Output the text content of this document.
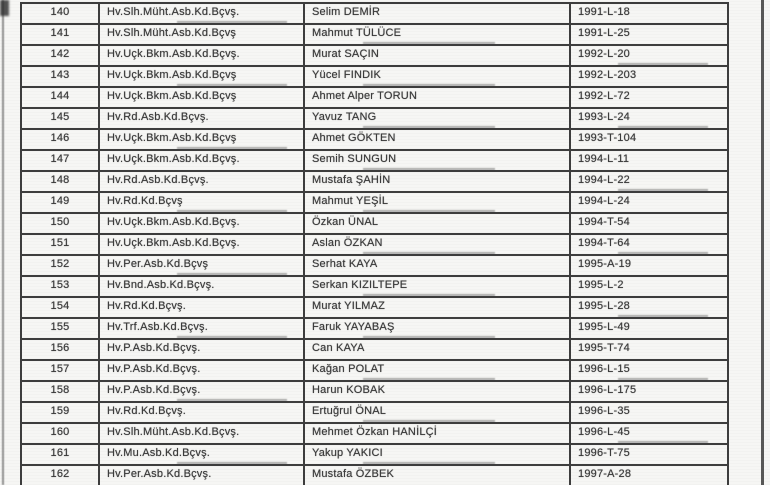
140	Hv.Slh.Müht.Asb.Kd.Bçvş.	Selim DEMİR	1991-L-18
141	Hv.Slh.Müht.Asb.Kd.Bçvş	Mahmut TÜLÜCE	1991-L-25
142	Hv.Uçk.Bkm.Asb.Kd.Bçvş.	Murat SAÇIN	1992-L-20
143	Hv.Uçk.Bkm.Asb.Kd.Bçvş	Yücel FINDIK	1992-L-203
144	Hv.Uçk.Bkm.Asb.Kd.Bçvş	Ahmet Alper TORUN	1992-L-72
145	Hv.Rd.Asb.Kd.Bçvş.	Yavuz TANG	1993-L-24
146	Hv.Uçk.Bkm.Asb.Kd.Bçvş	Ahmet GÖKTEN	1993-T-104
147	Hv.Uçk.Bkm.Asb.Kd.Bçvş.	Semih SUNGUN	1994-L-11
148	Hv.Rd.Asb.Kd.Bçvş.	Mustafa ŞAHİN	1994-L-22
149	Hv.Rd.Kd.Bçvş	Mahmut YEŞİL	1994-L-24
150	Hv.Uçk.Bkm.Asb.Kd.Bçvş.	Özkan ÜNAL	1994-T-54
151	Hv.Uçk.Bkm.Asb.Kd.Bçvş.	Aslan ÖZKAN	1994-T-64
152	Hv.Per.Asb.Kd.Bçvş	Serhat KAYA	1995-A-19
153	Hv.Bnd.Asb.Kd.Bçvş.	Serkan KIZILTEPE	1995-L-2
154	Hv.Rd.Kd.Bçvş.	Murat YILMAZ	1995-L-28
155	Hv.Trf.Asb.Kd.Bçvş.	Faruk YAYABAŞ	1995-L-49
156	Hv.P.Asb.Kd.Bçvş.	Can KAYA	1995-T-74
157	Hv.P.Asb.Kd.Bçvş.	Kağan POLAT	1996-L-15
158	Hv.P.Asb.Kd.Bçvş.	Harun KOBAK	1996-L-175
159	Hv.Rd.Kd.Bçvş.	Ertuğrul ÖNAL	1996-L-35
160	Hv.Slh.Müht.Asb.Kd.Bçvş.	Mehmet Özkan HANİLÇİ	1996-L-45
161	Hv.Mu.Asb.Kd.Bçvş.	Yakup YAKICI	1996-T-75
162	Hv.Per.Asb.Kd.Bçvş.	Mustafa ÖZBEK	1997-A-28
